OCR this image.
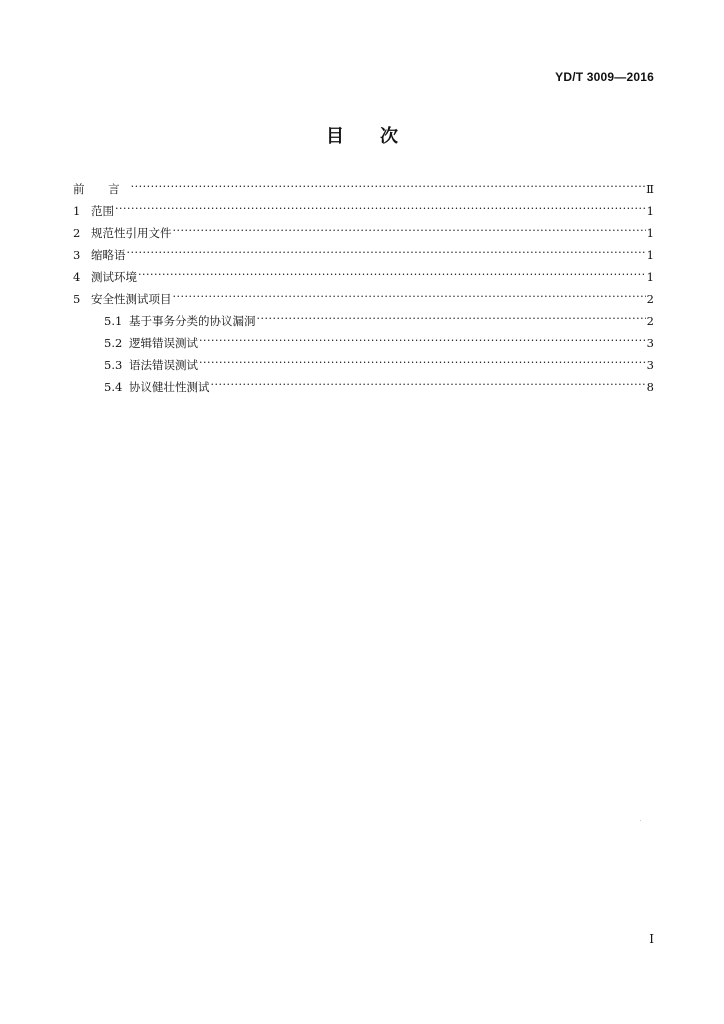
YD/T 3009—2016
目 次
前 言 ·····	Ⅱ
1 范围 ·····	1
2 规范性引用文件 ·····	1
3 缩略语 ·····	1
4 测试环境 ·····	1
5 安全性测试项目 ·····	2
5.1 基于事务分类的协议漏洞 ·····	2
5.2 逻辑错误测试 ·····	3
5.3 语法错误测试 ·····	3
5.4 协议健壮性测试 ·····	8
I
